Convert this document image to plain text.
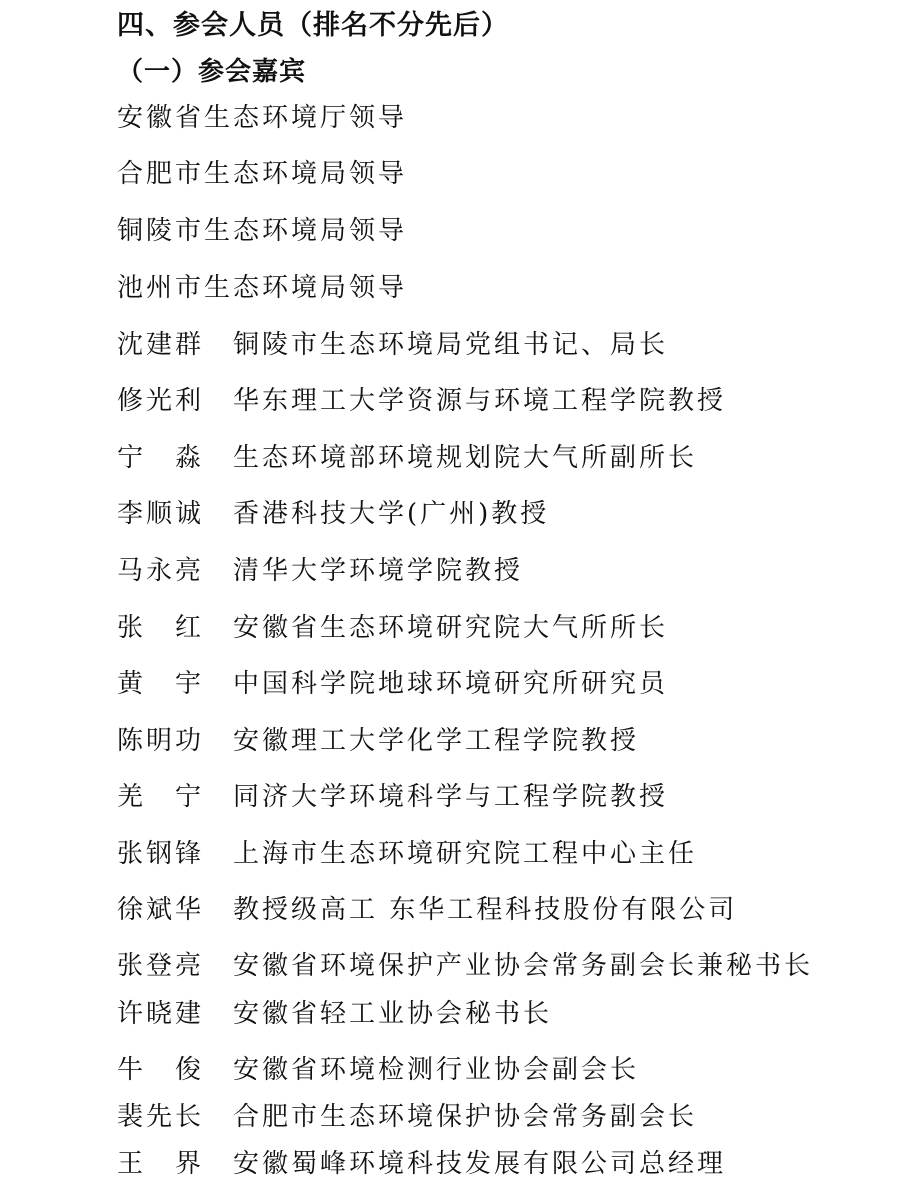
四、参会人员（排名不分先后）
（一）参会嘉宾
安徽省生态环境厅领导
合肥市生态环境局领导
铜陵市生态环境局领导
池州市生态环境局领导
沈建群 铜陵市生态环境局党组书记、局长
修光利 华东理工大学资源与环境工程学院教授
宁　淼 生态环境部环境规划院大气所副所长
李顺诚 香港科技大学(广州)教授
马永亮 清华大学环境学院教授
张　红 安徽省生态环境研究院大气所所长
黄　宇 中国科学院地球环境研究所研究员
陈明功 安徽理工大学化学工程学院教授
羌　宁 同济大学环境科学与工程学院教授
张钢锋 上海市生态环境研究院工程中心主任
徐斌华 教授级高工 东华工程科技股份有限公司
张登亮 安徽省环境保护产业协会常务副会长兼秘书长
许晓建 安徽省轻工业协会秘书长
牛　俊 安徽省环境检测行业协会副会长
裴先长 合肥市生态环境保护协会常务副会长
王　界 安徽蜀峰环境科技发展有限公司总经理
